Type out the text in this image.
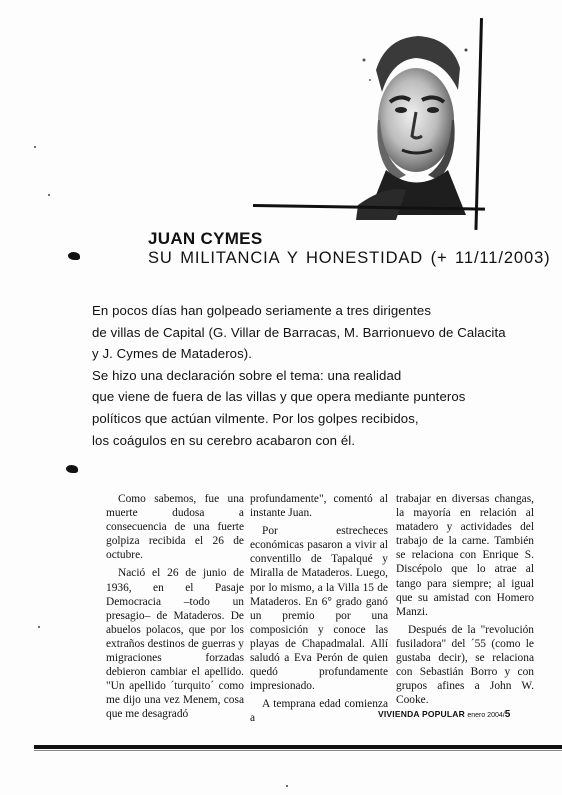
JUAN CYMES
SU MILITANCIA Y HONESTIDAD (+ 11/11/2003)

En pocos días han golpeado seriamente a tres dirigentes

de villas de Capital (G. Villar de Barracas, M. Barrionuevo de Calacita

y J. Cymes de Mataderos).

Se hizo una declaración sobre el tema: una realidad

que viene de fuera de las villas y que opera mediante punteros

políticos que actúan vilmente. Por los golpes recibidos,

los coágulos en su cerebro acabaron con él.

Como sabemos, fue una muerte dudosa a consecuencia de una fuerte golpiza recibida el 26 de octubre.

Nació el 26 de junio de 1936, en el Pasaje Democracia –todo un presagio– de Mataderos. De abuelos polacos, que por los extraños destinos de guerras y migraciones forzadas debieron cambiar el apellido. "Un apellido ´turquito´ como me dijo una vez Menem, cosa que me desagradó

profundamente", comentó al instante Juan.

Por estrecheces económicas pasaron a vivir al conventillo de Tapalqué y Miralla de Mataderos. Luego, por lo mismo, a la Villa 15 de Mataderos. En 6° grado ganó un premio por una composición y conoce las playas de Chapadmalal. Allí saludó a Eva Perón de quien quedó profundamente impresionado.

A temprana edad comienza a

trabajar en diversas changas, la mayoría en relación al matadero y actividades del trabajo de la carne. También se relaciona con Enrique S. Discépolo que lo atrae al tango para siempre; al igual que su amistad con Homero Manzi.

Después de la "revolución fusiladora" del ´55 (como le gustaba decir), se relaciona con Sebastián Borro y con grupos afines a John W. Cooke.

VIVIENDA POPULAR enero 2004/5
